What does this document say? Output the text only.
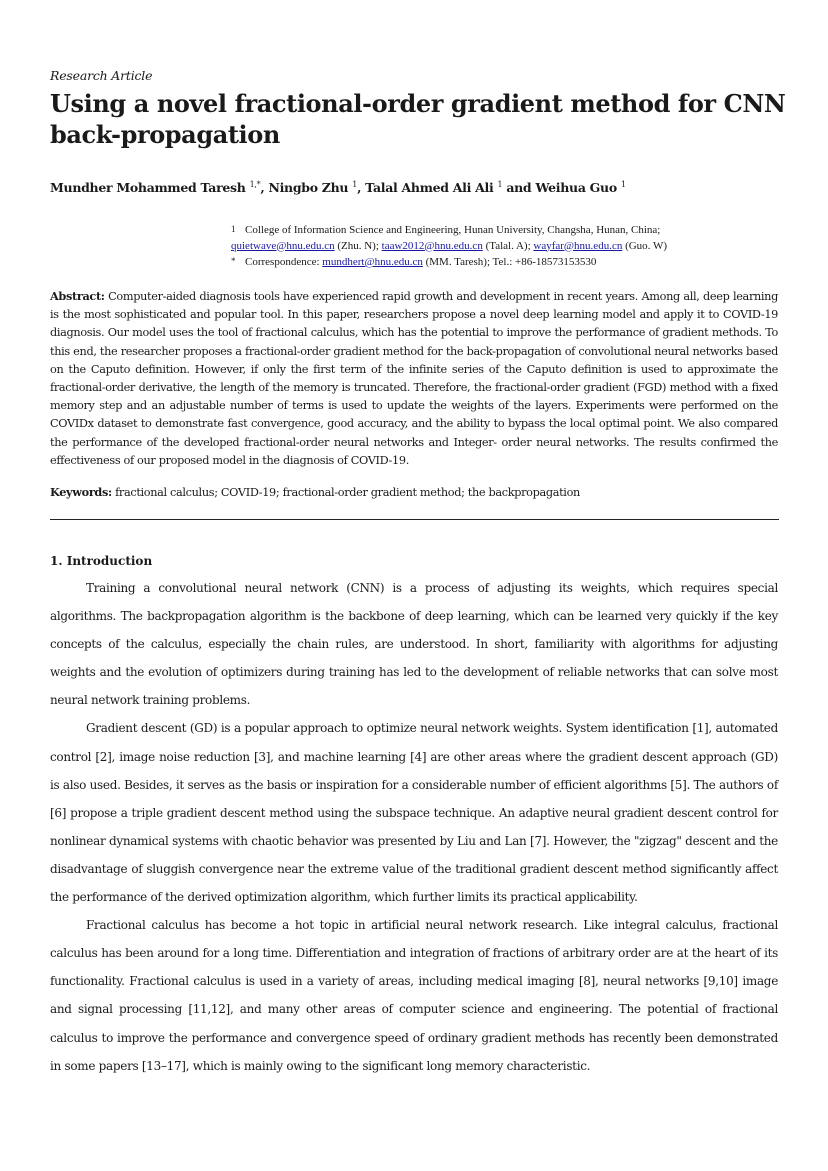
Research Article
Using a novel fractional-order gradient method for CNN back-propagation
Mundher Mohammed Taresh $^{1,*}$, Ningbo Zhu $^1$, Talal Ahmed Ali Ali $^1$ and Weihua Guo $^1$
1 College of Information Science and Engineering, Hunan University, Changsha, Hunan, China;
quietwave@hnu.edu.cn (Zhu. N); taaw2012@hnu.edu.cn (Talal. A); wayfar@hnu.edu.cn (Guo. W)
* Correspondence: mundhert@hnu.edu.cn (MM. Taresh); Tel.: +86-18573153530

Abstract: Computer-aided diagnosis tools have experienced rapid growth and development in recent years. Among all, deep learning is the most sophisticated and popular tool. In this paper, researchers propose a novel deep learning model and apply it to COVID-19 diagnosis. Our model uses the tool of fractional calculus, which has the potential to improve the performance of gradient methods. To this end, the researcher proposes a fractional-order gradient method for the back-propagation of convolutional neural networks based on the Caputo definition. However, if only the first term of the infinite series of the Caputo definition is used to approximate the fractional-order derivative, the length of the memory is truncated. Therefore, the fractional-order gradient (FGD) method with a fixed memory step and an adjustable number of terms is used to update the weights of the layers. Experiments were performed on the COVIDx dataset to demonstrate fast convergence, good accuracy, and the ability to bypass the local optimal point. We also compared the performance of the developed fractional-order neural networks and Integer- order neural networks. The results confirmed the effectiveness of our proposed model in the diagnosis of COVID-19.

Keywords: fractional calculus; COVID-19; fractional-order gradient method; the backpropagation

1. Introduction

Training a convolutional neural network (CNN) is a process of adjusting its weights, which requires special algorithms. The backpropagation algorithm is the backbone of deep learning, which can be learned very quickly if the key concepts of the calculus, especially the chain rules, are understood. In short, familiarity with algorithms for adjusting weights and the evolution of optimizers during training has led to the development of reliable networks that can solve most neural network training problems.

Gradient descent (GD) is a popular approach to optimize neural network weights. System identification [1], automated control [2], image noise reduction [3], and machine learning [4] are other areas where the gradient descent approach (GD) is also used. Besides, it serves as the basis or inspiration for a considerable number of efficient algorithms [5]. The authors of [6] propose a triple gradient descent method using the subspace technique. An adaptive neural gradient descent control for nonlinear dynamical systems with chaotic behavior was presented by Liu and Lan [7]. However, the "zigzag" descent and the disadvantage of sluggish convergence near the extreme value of the traditional gradient descent method significantly affect the performance of the derived optimization algorithm, which further limits its practical applicability.

Fractional calculus has become a hot topic in artificial neural network research. Like integral calculus, fractional calculus has been around for a long time. Differentiation and integration of fractions of arbitrary order are at the heart of its functionality. Fractional calculus is used in a variety of areas, including medical imaging [8], neural networks [9,10] image and signal processing [11,12], and many other areas of computer science and engineering. The potential of fractional calculus to improve the performance and convergence speed of ordinary gradient methods has recently been demonstrated in some papers [13–17], which is mainly owing to the significant long memory characteristic.
